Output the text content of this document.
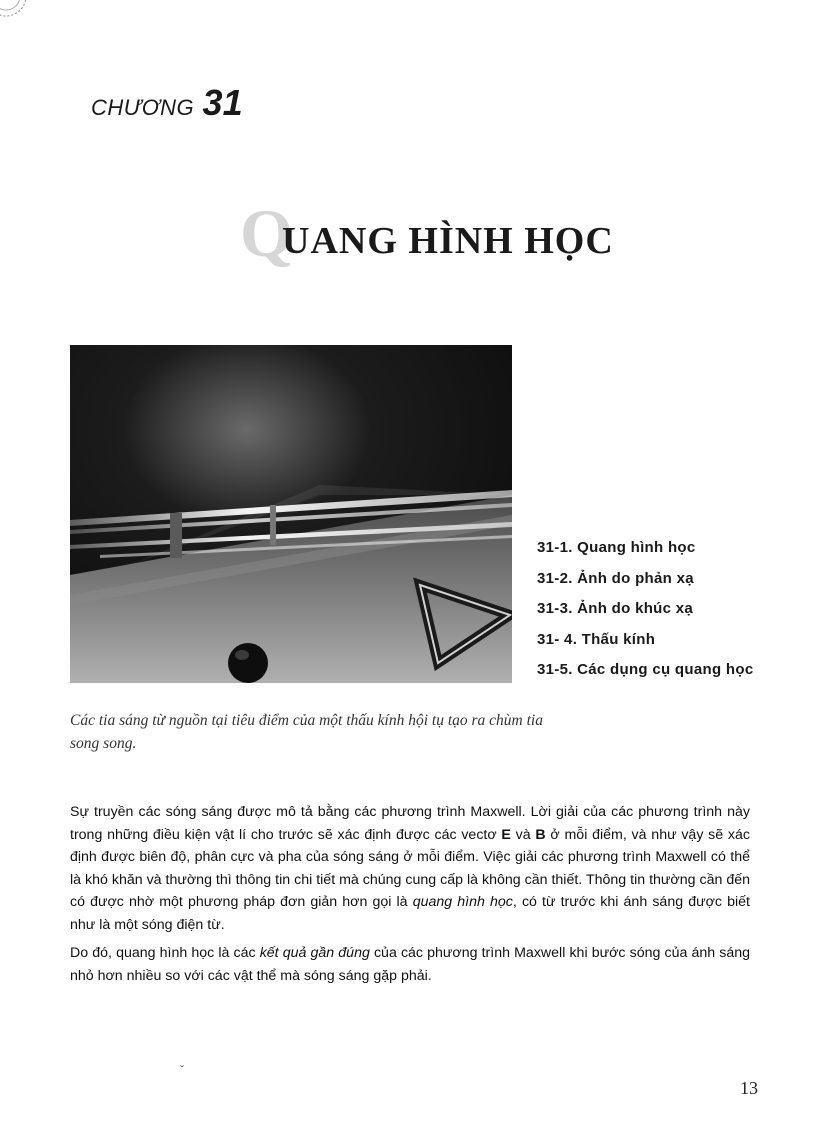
CHƯƠNG 31
Q
UANG HÌNH HỌC
31-1. Quang hình học
31-2. Ảnh do phản xạ
31-3. Ảnh do khúc xạ
31- 4. Thấu kính
31-5. Các dụng cụ quang học
Các tia sáng từ nguồn tại tiêu điểm của một thấu kính hội tụ tạo ra chùm tia song song.

Sự truyền các sóng sáng được mô tả bằng các phương trình Maxwell. Lời giải của các phương trình này trong những điều kiện vật lí cho trước sẽ xác định được các vectơ E và B ở mỗi điểm, và như vậy sẽ xác định được biên độ, phân cực và pha của sóng sáng ở mỗi điểm. Việc giải các phương trình Maxwell có thể là khó khăn và thường thì thông tin chi tiết mà chúng cung cấp là không cần thiết. Thông tin thường cần đến có được nhờ một phương pháp đơn giản hơn gọi là quang hình học, có từ trước khi ánh sáng được biết như là một sóng điện từ.

Do đó, quang hình học là các kết quả gần đúng của các phương trình Maxwell khi bước sóng của ánh sáng nhỏ hơn nhiều so với các vật thể mà sóng sáng gặp phải.

ˇ
13
